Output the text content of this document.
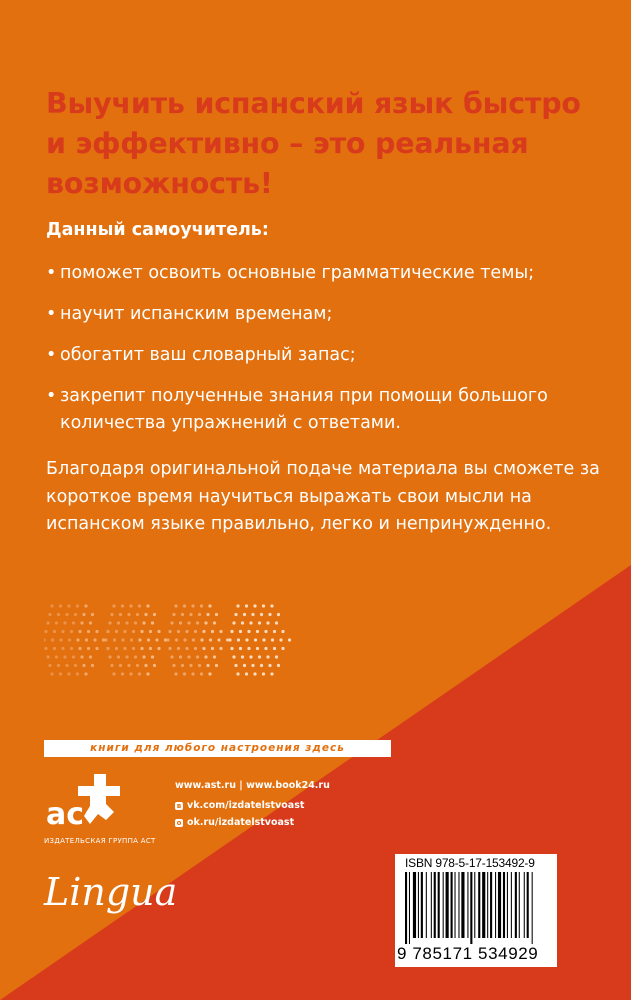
Выучить испанский язык быстро и эффективно – это реальная возможность!

Данный самоучитель:

• поможет освоить основные грамматические темы;
• научит испанским временам;
• обогатит ваш словарный запас;
• закрепит полученные знания при помощи большого количества упражнений с ответами.

Благодаря оригинальной подаче материала вы сможете за короткое время научиться выражать свои мысли на испанском языке правильно, легко и непринужденно.

книги для любого настроения здесь
ac
ИЗДАТЕЛЬСКАЯ ГРУППА АСТ
www.ast.ru | www.book24.ru
в vk.com/izdatelstvoast
о ok.ru/izdatelstvoast
Lingua
ISBN 978-5-17-153492-9
9 785171 534929
